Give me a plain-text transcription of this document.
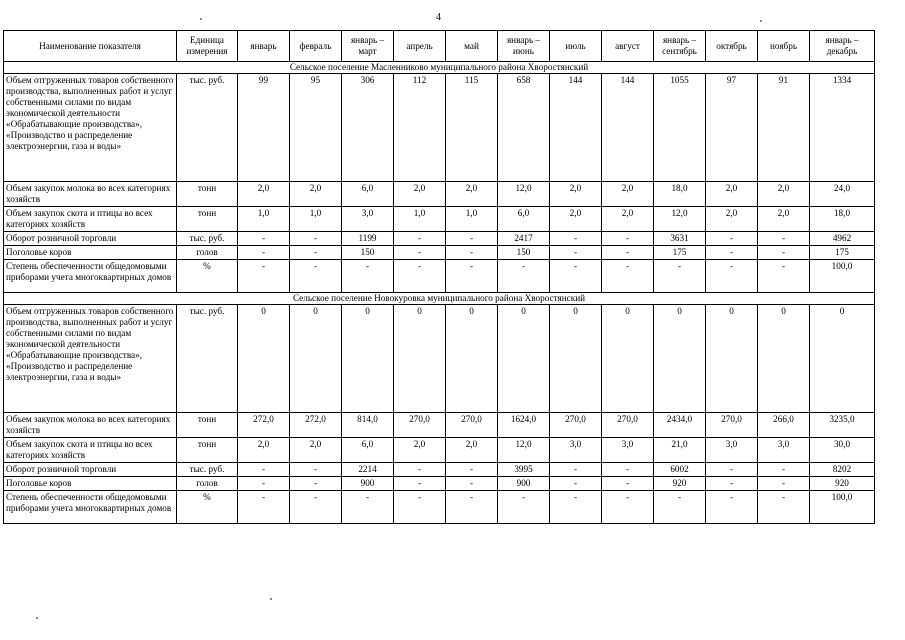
4
Наименование показателя	Единица измерения	январь	февраль	январь – март	апрель	май	январь – июнь	июль	август	январь – сентябрь	октябрь	ноябрь	январь – декабрь
Сельское поселение Масленниково муниципального района Хворостянский													
Объем отгруженных товаров собственного производства, выполненных работ и услуг собственными силами по видам экономической деятельности «Обрабатывающие производства», «Производство и распределение электроэнергии, газа и воды»	тыс. руб.	99	95	306	112	115	658	144	144	1055	97	91	1334
Объем закупок молока во всех категориях хозяйств	тонн	2,0	2,0	6,0	2,0	2,0	12,0	2,0	2,0	18,0	2,0	2,0	24,0
Объем закупок скота и птицы во всех категориях хозяйств	тонн	1,0	1,0	3,0	1,0	1,0	6,0	2,0	2,0	12,0	2,0	2,0	18,0
Оборот розничной торговли	тыс. руб.	-	-	1199	-	-	2417	-	-	3631	-	-	4962
Поголовье коров	голов	-	-	150	-	-	150	-	-	175	-	-	175
Степень обеспеченности общедомовыми приборами учета многоквартирных домов	%	-	-	-	-	-	-	-	-	-	-	-	100,0
Сельское поселение Новокуровка муниципального района Хворостянский													
Объем отгруженных товаров собственного производства, выполненных работ и услуг собственными силами по видам экономической деятельности «Обрабатывающие производства», «Производство и распределение электроэнергии, газа и воды»	тыс. руб.	0	0	0	0	0	0	0	0	0	0	0	0
Объем закупок молока во всех категориях хозяйств	тонн	272,0	272,0	814,0	270,0	270,0	1624,0	270,0	270,0	2434,0	270,0	266,0	3235,0
Объем закупок скота и птицы во всех категориях хозяйств	тонн	2,0	2,0	6,0	2,0	2,0	12,0	3,0	3,0	21,0	3,0	3,0	30,0
Оборот розничной торговли	тыс. руб.	-	-	2214	-	-	3995	-	-	6002	-	-	8202
Поголовье коров	голов	-	-	900	-	-	900	-	-	920	-	-	920
Степень обеспеченности общедомовыми приборами учета многоквартирных домов	%	-	-	-	-	-	-	-	-	-	-	-	100,0
